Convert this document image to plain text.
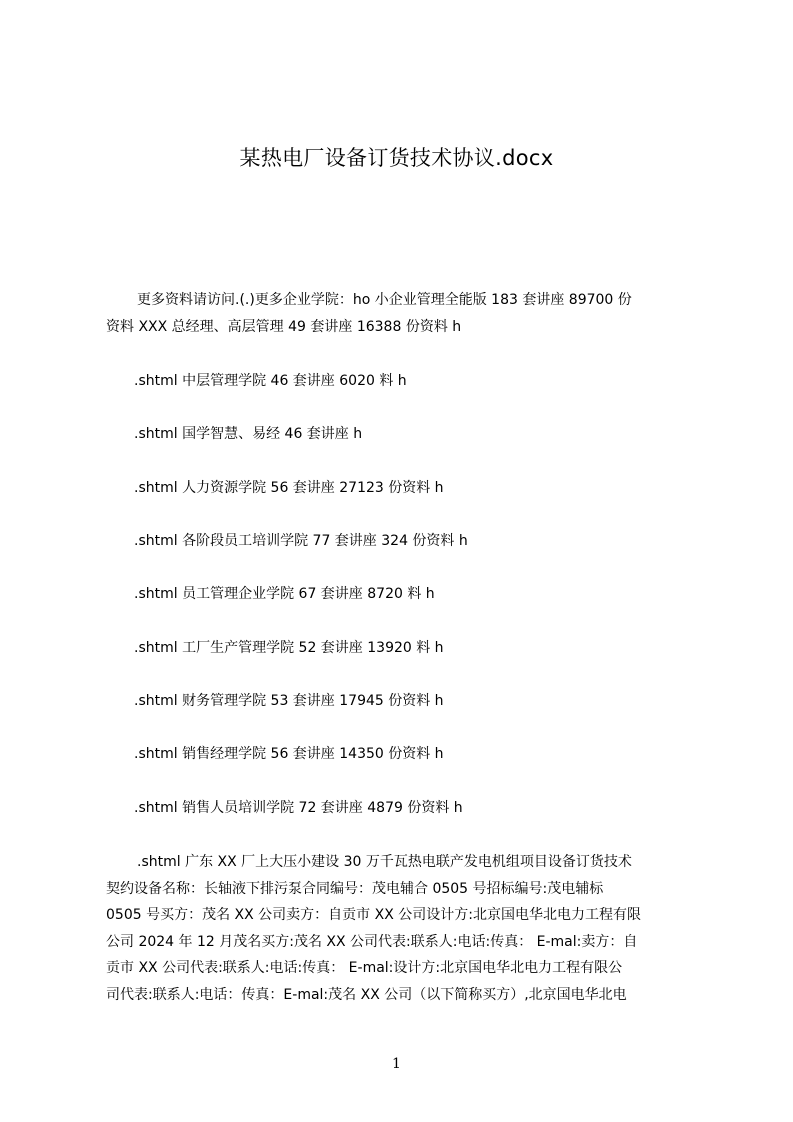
某热电厂设备订货技术协议.docx
更多资料请访问.(.)更多企业学院：ho 小企业管理全能版 183 套讲座 89700 份
资料 XXX 总经理、高层管理 49 套讲座 16388 份资料 h
.shtml 中层管理学院 46 套讲座 6020 料 h
.shtml 国学智慧、易经 46 套讲座 h
.shtml 人力资源学院 56 套讲座 27123 份资料 h
.shtml 各阶段员工培训学院 77 套讲座 324 份资料 h
.shtml 员工管理企业学院 67 套讲座 8720 料 h
.shtml 工厂生产管理学院 52 套讲座 13920 料 h
.shtml 财务管理学院 53 套讲座 17945 份资料 h
.shtml 销售经理学院 56 套讲座 14350 份资料 h
.shtml 销售人员培训学院 72 套讲座 4879 份资料 h
.shtml 广东 XX 厂上大压小建设 30 万千瓦热电联产发电机组项目设备订货技术
契约设备名称：长轴液下排污泵合同编号：茂电辅合 0505 号招标编号:茂电辅标
0505 号买方：茂名 XX 公司卖方：自贡市 XX 公司设计方:北京国电华北电力工程有限
公司 2024 年 12 月茂名买方:茂名 XX 公司代表:联系人:电话:传真： E-mal:卖方：自
贡市 XX 公司代表:联系人:电话:传真： E-mal:设计方:北京国电华北电力工程有限公
司代表:联系人:电话：传真：E-mal:茂名 XX 公司（以下简称买方）,北京国电华北电
1
